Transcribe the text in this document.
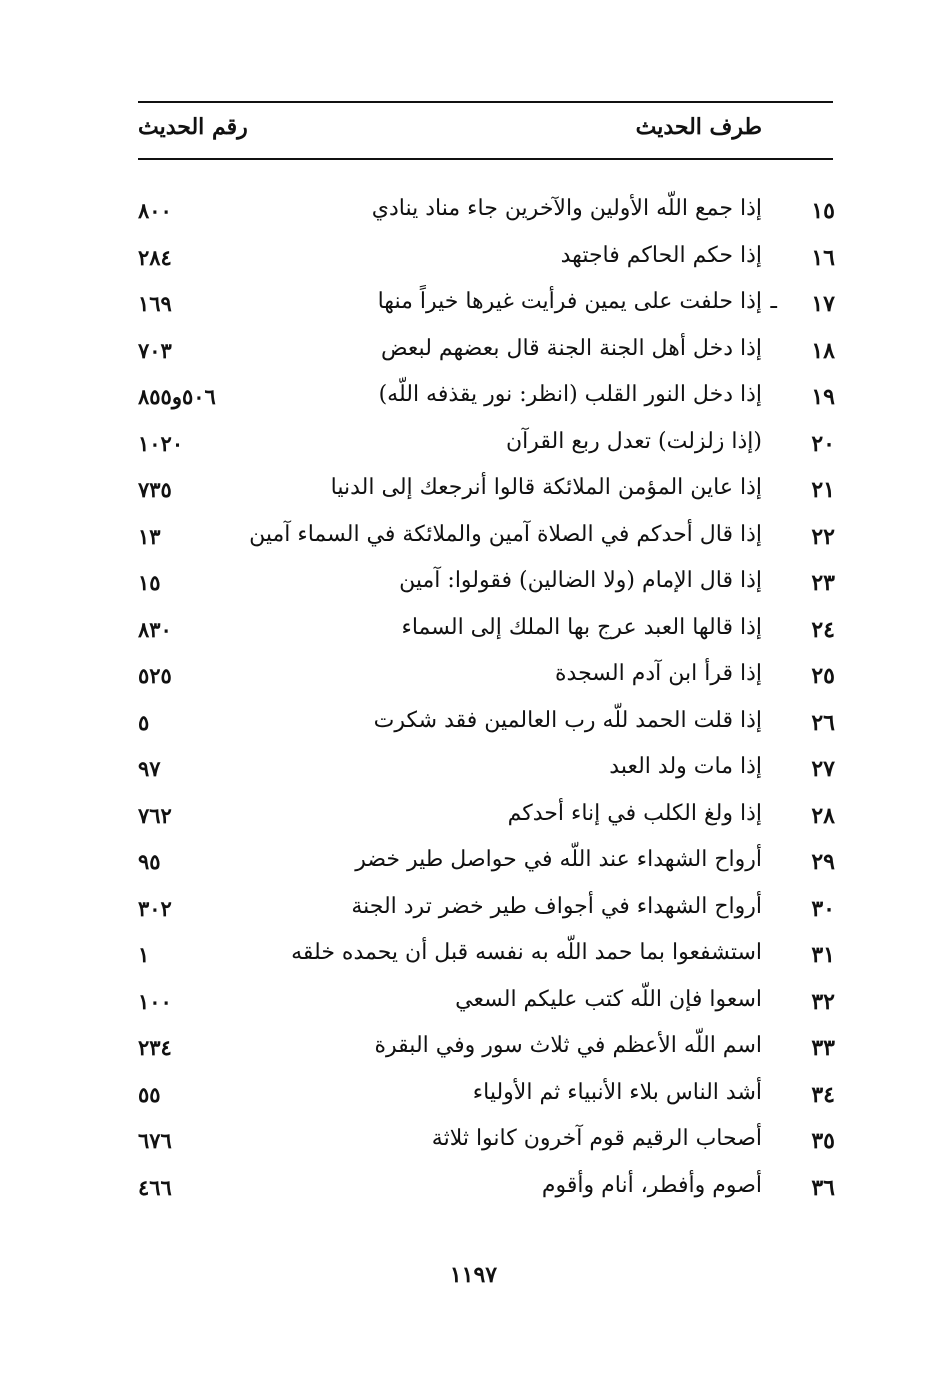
طرف الحديث
رقم الحديث
١٥
إذا جمع اللّه الأولين والآخرين جاء مناد ينادي
٨٠٠
١٦
إذا حكم الحاكم فاجتهد
٢٨٤
١٧
إذا حلفت على يمين فرأيت غيرها خيراً منها
١٦٩	ـ
١٨
إذا دخل أهل الجنة الجنة قال بعضهم لبعض
٧٠٣
١٩
إذا دخل النور القلب (انظر: نور يقذفه اللّه)
٥٠٦و٨٥٥
٢٠
(إذا زلزلت) تعدل ربع القرآن
١٠٢٠
٢١
إذا عاين المؤمن الملائكة قالوا أنرجعك إلى الدنيا
٧٣٥
٢٢
إذا قال أحدكم في الصلاة آمين والملائكة في السماء آمين
١٣
٢٣
إذا قال الإمام (ولا الضالين) فقولوا: آمين
١٥
٢٤
إذا قالها العبد عرج بها الملك إلى السماء
٨٣٠
٢٥
إذا قرأ ابن آدم السجدة
٥٢٥
٢٦
إذا قلت الحمد للّه رب العالمين فقد شكرت
٥
٢٧
إذا مات ولد العبد
٩٧
٢٨
إذا ولغ الكلب في إناء أحدكم
٧٦٢
٢٩
أرواح الشهداء عند اللّه في حواصل طير خضر
٩٥
٣٠
أرواح الشهداء في أجواف طير خضر ترد الجنة
٣٠٢
٣١
استشفعوا بما حمد اللّه به نفسه قبل أن يحمده خلقه
١
٣٢
اسعوا فإن اللّه كتب عليكم السعي
١٠٠
٣٣
اسم اللّه الأعظم في ثلاث سور وفي البقرة
٢٣٤
٣٤
أشد الناس بلاء الأنبياء ثم الأولياء
٥٥
٣٥
أصحاب الرقيم قوم آخرون كانوا ثلاثة
٦٧٦
٣٦
أصوم وأفطر، أنام وأقوم
٤٦٦
١١٩٧
